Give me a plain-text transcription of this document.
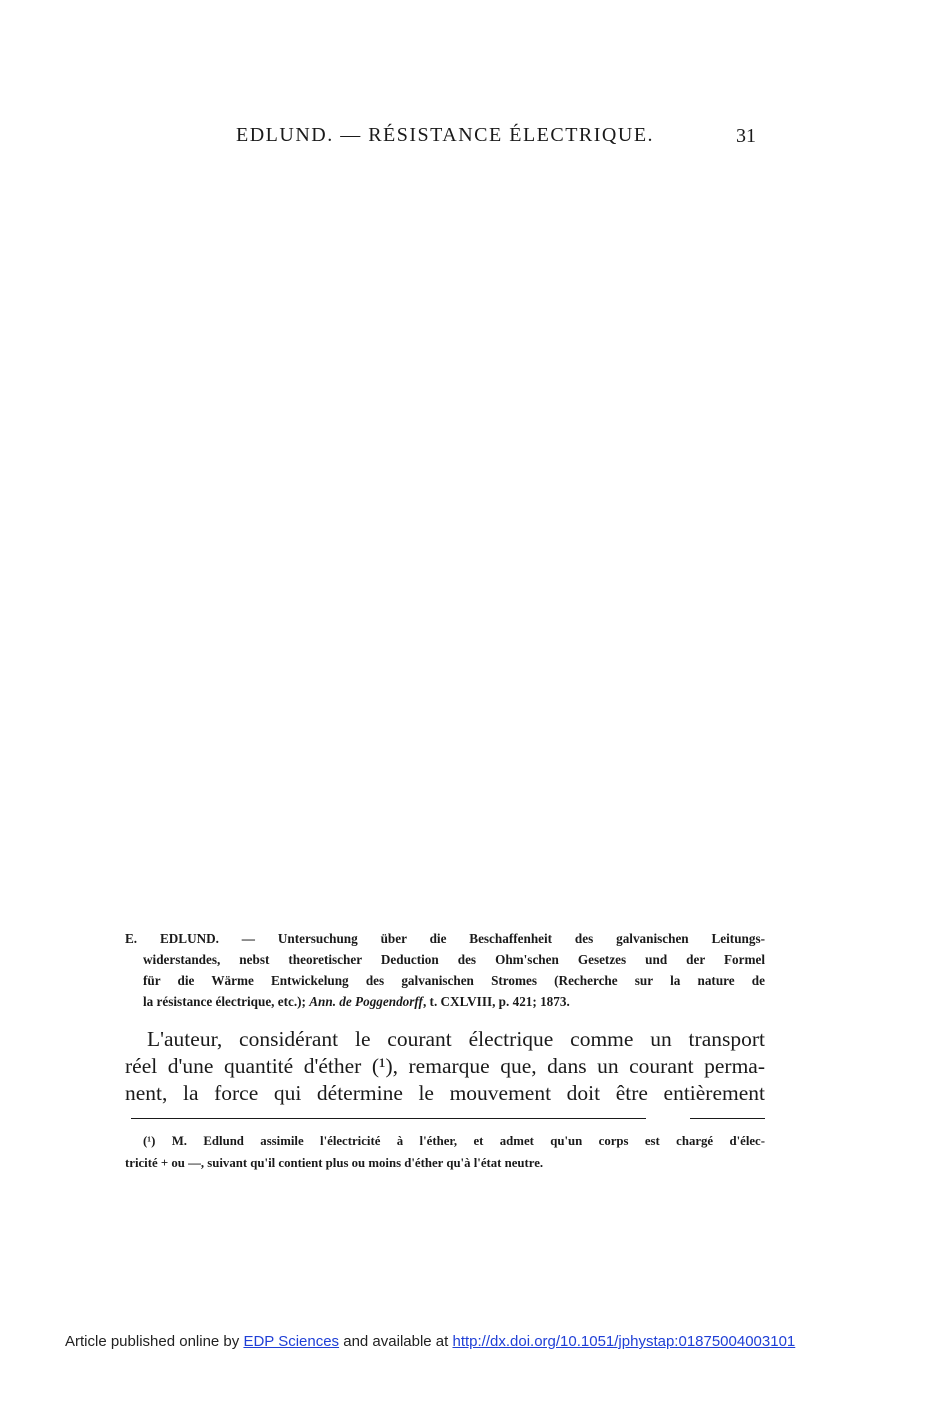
EDLUND. — RÉSISTANCE ÉLECTRIQUE.	31
E. EDLUND. — Untersuchung über die Beschaffenheit des galvanischen Leitungs-
widerstandes, nebst theoretischer Deduction des Ohm'schen Gesetzes und der Formel
für die Wärme Entwickelung des galvanischen Stromes (Recherche sur la nature de
la résistance électrique, etc.); Ann. de Poggendorff, t. CXLVIII, p. 421; 1873.
L'auteur, considérant le courant électrique comme un transport
réel d'une quantité d'éther (¹), remarque que, dans un courant perma-
nent, la force qui détermine le mouvement doit être entièrement
(¹) M. Edlund assimile l'électricité à l'éther, et admet qu'un corps est chargé d'élec-
tricité + ou —, suivant qu'il contient plus ou moins d'éther qu'à l'état neutre.
Article published online by EDP Sciences and available at http://dx.doi.org/10.1051/jphystap:01875004003101
